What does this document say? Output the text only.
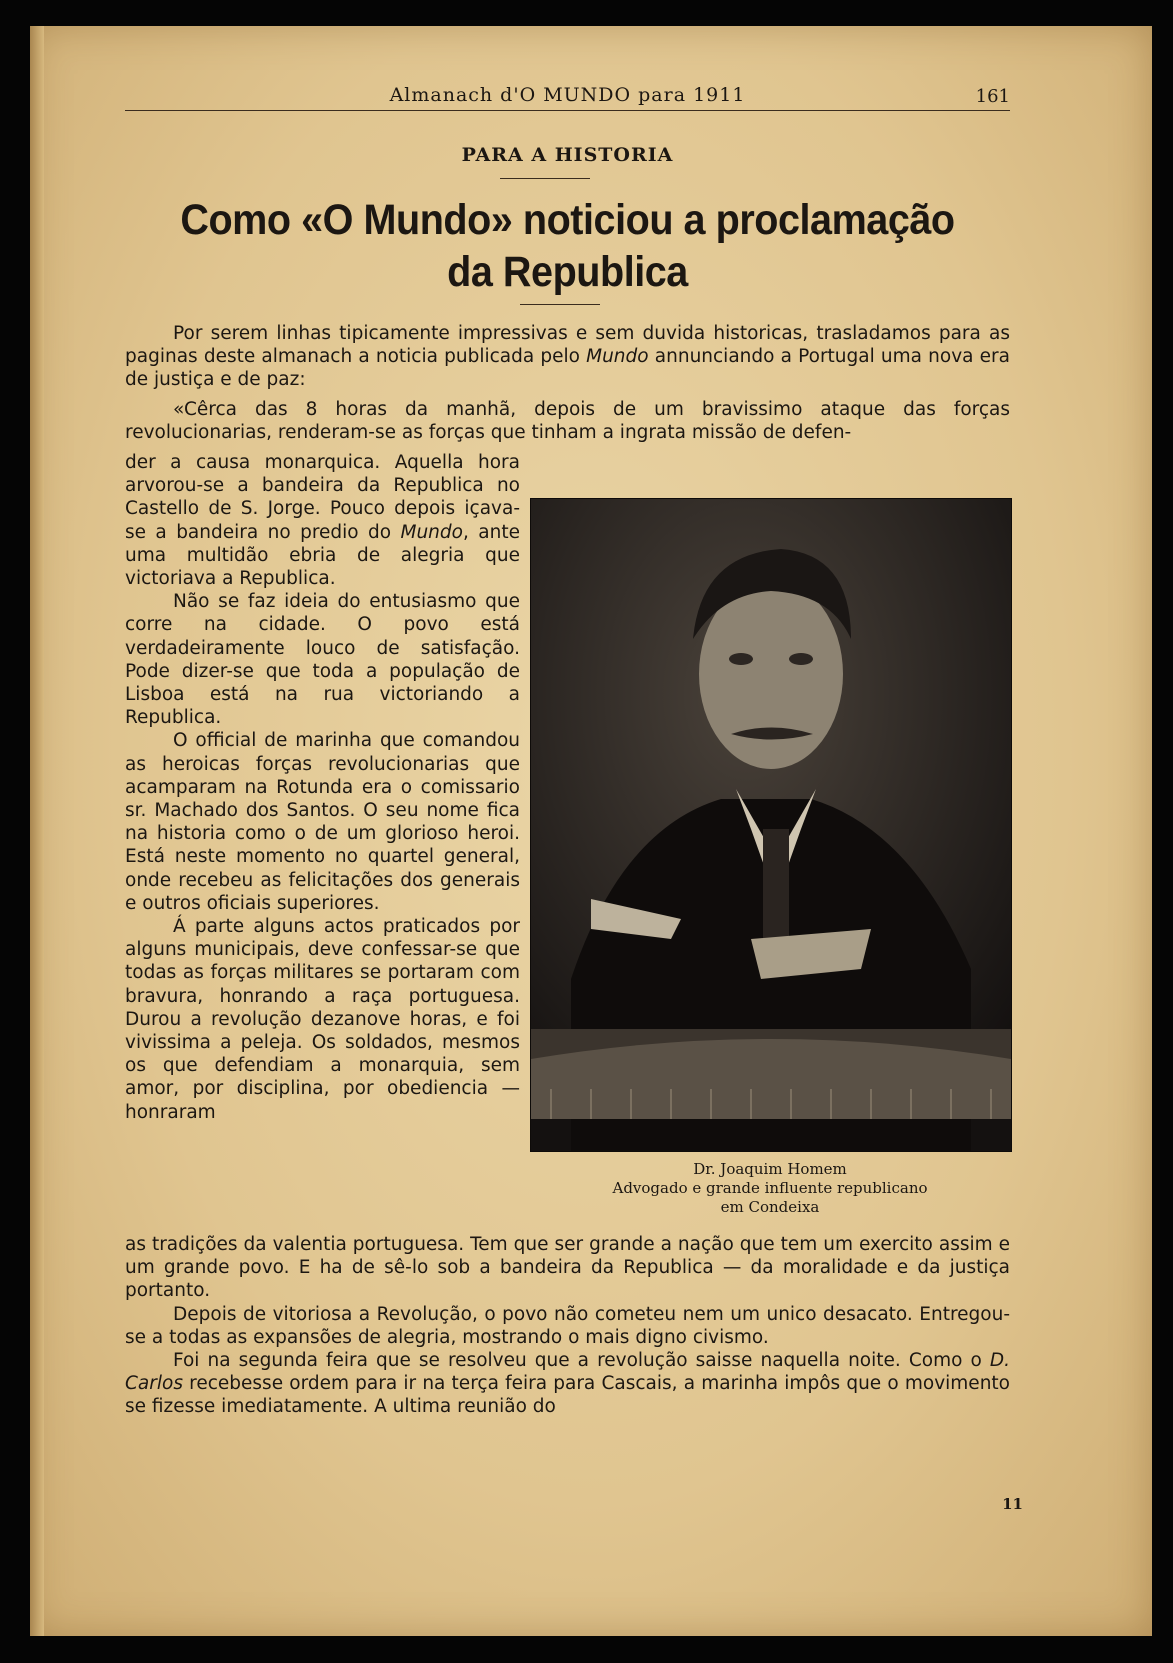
Almanach d'O MUNDO para 1911	161
PARA A HISTORIA
Como «O Mundo» noticiou a proclamação
da Republica

Por serem linhas tipicamente impressivas e sem duvida historicas, trasladamos para as paginas deste almanach a noticia publicada pelo Mundo annunciando a Portugal uma nova era de justiça e de paz:

«Cêrca das 8 horas da manhã, depois de um bravissimo ataque das forças revolucionarias, renderam-se as forças que tinham a ingrata missão de defen-

der a causa monarquica. Aquella hora arvorou-se a bandeira da Republica no Castello de S. Jorge. Pouco depois içava-se a bandeira no predio do Mundo, ante uma multidão ebria de alegria que victoriava a Republica.

Não se faz ideia do entusiasmo que corre na cidade. O povo está verdadeiramente louco de satisfação. Pode dizer-se que toda a população de Lisboa está na rua victoriando a Republica.

O official de marinha que comandou as heroicas forças revolucionarias que acamparam na Rotunda era o comissario sr. Machado dos Santos. O seu nome fica na historia como o de um glorioso heroi. Está neste momento no quartel general, onde recebeu as felicitações dos generais e outros oficiais superiores.

Á parte alguns actos praticados por alguns municipais, deve confessar-se que todas as forças militares se portaram com bravura, honrando a raça portuguesa. Durou a revolução dezanove horas, e foi vivissima a peleja. Os soldados, mesmos os que defendiam a monarquia, sem amor, por disciplina, por obediencia — honraram

Dr. Joaquim Homem
Advogado e grande influente republicano
em Condeixa

as tradições da valentia portuguesa. Tem que ser grande a nação que tem um exercito assim e um grande povo. E ha de sê-lo sob a bandeira da Republica — da moralidade e da justiça portanto.

Depois de vitoriosa a Revolução, o povo não cometeu nem um unico desacato. Entregou-se a todas as expansões de alegria, mostrando o mais digno civismo.

Foi na segunda feira que se resolveu que a revolução saisse naquella noite. Como o D. Carlos recebesse ordem para ir na terça feira para Cascais, a marinha impôs que o movimento se fizesse imediatamente. A ultima reunião do

11
